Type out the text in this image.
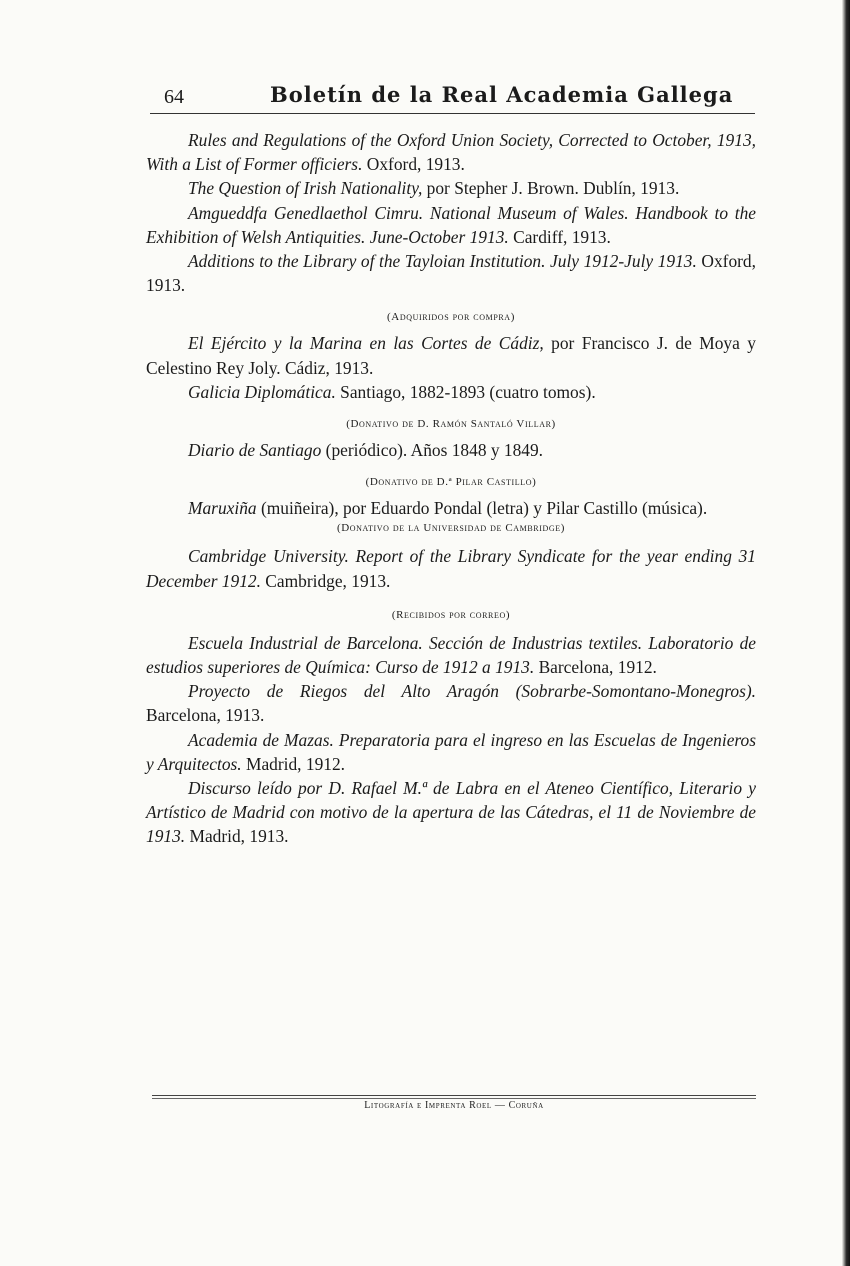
64	Boletín de la Real Academia Gallega

Rules and Regulations of the Oxford Union Society, Corrected to October, 1913, With a List of Former officiers. Oxford, 1913.

The Question of Irish Nationality, por Stepher J. Brown. Dublín, 1913.

Amgueddfa Genedlaethol Cimru. National Museum of Wales. Handbook to the Exhibition of Welsh Antiquities. June-October 1913. Cardiff, 1913.

Additions to the Library of the Tayloian Institution. July 1912-July 1913. Oxford, 1913.

(Adquiridos por compra)

El Ejército y la Marina en las Cortes de Cádiz, por Francisco J. de Moya y Celestino Rey Joly. Cádiz, 1913.

Galicia Diplomática. Santiago, 1882-1893 (cuatro tomos).

(Donativo de D. Ramón Santaló Villar)

Diario de Santiago (periódico). Años 1848 y 1849.

(Donativo de D.ª Pilar Castillo)

Maruxiña (muiñeira), por Eduardo Pondal (letra) y Pilar Castillo (música).

(Donativo de la Universidad de Cambridge)

Cambridge University. Report of the Library Syndicate for the year ending 31 December 1912. Cambridge, 1913.

(Recibidos por correo)

Escuela Industrial de Barcelona. Sección de Industrias textiles. Laboratorio de estudios superiores de Química: Curso de 1912 a 1913. Barcelona, 1912.

Proyecto de Riegos del Alto Aragón (Sobrarbe-Somontano-Monegros). Barcelona, 1913.

Academia de Mazas. Preparatoria para el ingreso en las Escuelas de Ingenieros y Arquitectos. Madrid, 1912.

Discurso leído por D. Rafael M.ª de Labra en el Ateneo Científico, Literario y Artístico de Madrid con motivo de la apertura de las Cátedras, el 11 de Noviembre de 1913. Madrid, 1913.

Litografía e Imprenta Roel — Coruña
